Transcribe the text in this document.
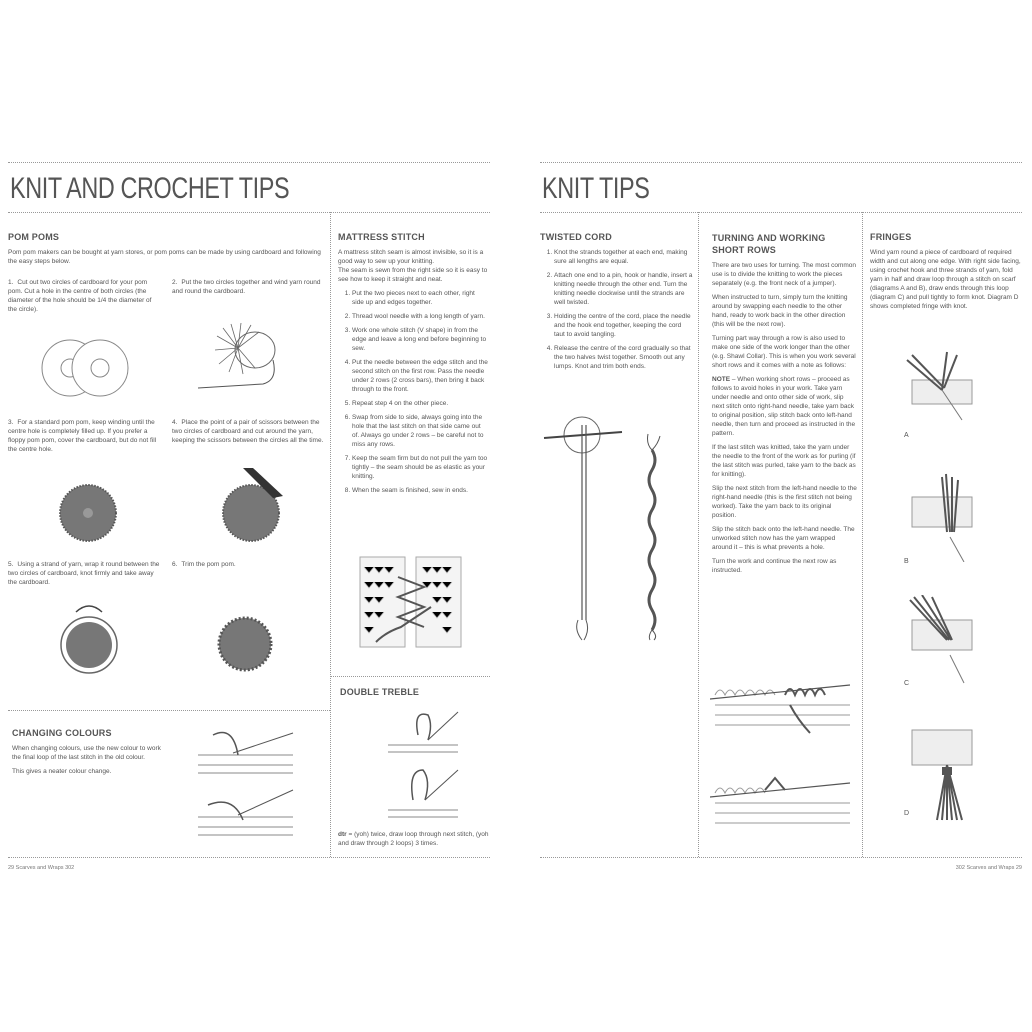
KNIT AND CROCHET TIPS
POM POMS

Pom pom makers can be bought at yarn stores, or pom poms can be made by using cardboard and following the easy steps below.

1. Cut out two circles of cardboard for your pom pom. Cut a hole in the centre of both circles (the diameter of the hole should be 1/4 the diameter of the circle).
2. Put the two circles together and wind yarn round and round the cardboard.
3. For a standard pom pom, keep winding until the centre hole is completely filled up. If you prefer a floppy pom pom, cover the cardboard, but do not fill the centre hole.
4. Place the point of a pair of scissors between the two circles of cardboard and cut around the yarn, keeping the scissors between the circles all the time.
5. Using a strand of yarn, wrap it round between the two circles of cardboard, knot firmly and take away the cardboard.
6. Trim the pom pom.
CHANGING COLOURS

When changing colours, use the new colour to work the final loop of the last stitch in the old colour.

This gives a neater colour change.

MATTRESS STITCH

A mattress stitch seam is almost invisible, so it is a good way to sew up your knitting.

The seam is sewn from the right side so it is easy to see how to keep it straight and neat.

1. Put the two pieces next to each other, right side up and edges together.
2. Thread wool needle with a long length of yarn.
3. Work one whole stitch (V shape) in from the edge and leave a long end before beginning to sew.
4. Put the needle between the edge stitch and the second stitch on the first row. Pass the needle under 2 rows (2 cross bars), then bring it back through to the front.
5. Repeat step 4 on the other piece.
6. Swap from side to side, always going into the hole that the last stitch on that side came out of. Always go under 2 rows – be careful not to miss any rows.
7. Keep the seam firm but do not pull the yarn too tightly – the seam should be as elastic as your knitting.
8. When the seam is finished, sew in ends.
DOUBLE TREBLE

dtr = (yoh) twice, draw loop through next stitch, (yoh and draw through 2 loops) 3 times.

29 Scarves and Wraps 302
KNIT TIPS
TWISTED CORD
1. Knot the strands together at each end, making sure all lengths are equal.
2. Attach one end to a pin, hook or handle, insert a knitting needle through the other end. Turn the knitting needle clockwise until the strands are well twisted.
3. Holding the centre of the cord, place the needle and the hook end together, keeping the cord taut to avoid tangling.
4. Release the centre of the cord gradually so that the two halves twist together. Smooth out any lumps. Knot and trim both ends.
TURNING AND WORKING SHORT ROWS

There are two uses for turning. The most common use is to divide the knitting to work the pieces separately (e.g. the front neck of a jumper).

When instructed to turn, simply turn the knitting around by swapping each needle to the other hand, ready to work back in the other direction (this will be the next row).

Turning part way through a row is also used to make one side of the work longer than the other (e.g. Shawl Collar). This is when you work several short rows and it comes with a note as follows:

NOTE – When working short rows – proceed as follows to avoid holes in your work. Take yarn under needle and onto other side of work, slip next stitch onto right-hand needle, take yarn back to original position, slip stitch back onto left-hand needle, then turn and proceed as instructed in the pattern.

If the last stitch was knitted, take the yarn under the needle to the front of the work as for purling (if the last stitch was purled, take yarn to the back as for knitting).

Slip the next stitch from the left-hand needle to the right-hand needle (this is the first stitch not being worked). Take the yarn back to its original position.

Slip the stitch back onto the left-hand needle. The unworked stitch now has the yarn wrapped around it – this is what prevents a hole.

Turn the work and continue the next row as instructed.

FRINGES

Wind yarn round a piece of cardboard of required width and cut along one edge. With right side facing, using crochet hook and three strands of yarn, fold yarn in half and draw loop through a stitch on scarf (diagrams A and B), draw ends through this loop (diagram C) and pull tightly to form knot. Diagram D shows completed fringe with knot.

A
B
C
D
302 Scarves and Wraps 29
